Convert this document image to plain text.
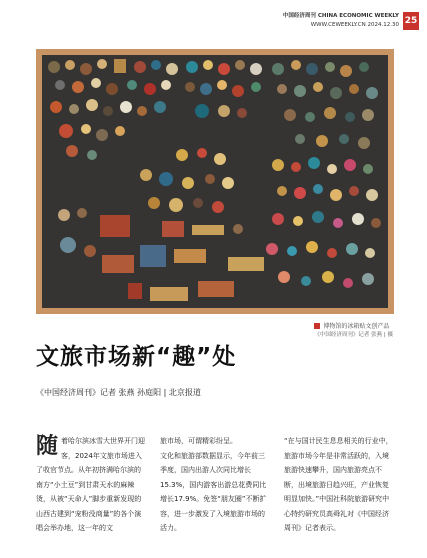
中国经济周刊 CHINA ECONOMIC WEEKLY
WWW.CEWEEKLY.CN 2024.12.30 25
博物馆的冰箱贴文创产品
《中国经济周刊》记者 张燕 | 摄
文旅市场新“趣”处
《中国经济周刊》记者 张燕 孙庭阳 | 北京报道
随着哈尔滨冰雪大世界开门迎客，2024年文旅市场进入了收官节点。从年初挤满哈尔滨的南方“小土豆”到甘肃天水的麻辣烫，从被“天命人”脚步重新发现的山西古建到“宠粉没商量”的各个演唱会举办地，这一年的文

旅市场，可谓精彩纷呈。

文化和旅游部数据显示，今年前三季度，国内出游人次同比增长15.3%，国内游客出游总花费同比增长17.9%。免签“朋友圈”不断扩容，进一步激发了入境旅游市场的活力。

“在与国计民生息息相关的行业中，旅游市场今年是非常活跃的，入境旅游快速攀升，国内旅游亮点不断，出境旅游日趋兴旺，产业恢复明显加快。”中国社科院旅游研究中心特约研究员高舜礼对《中国经济周刊》记者表示。
